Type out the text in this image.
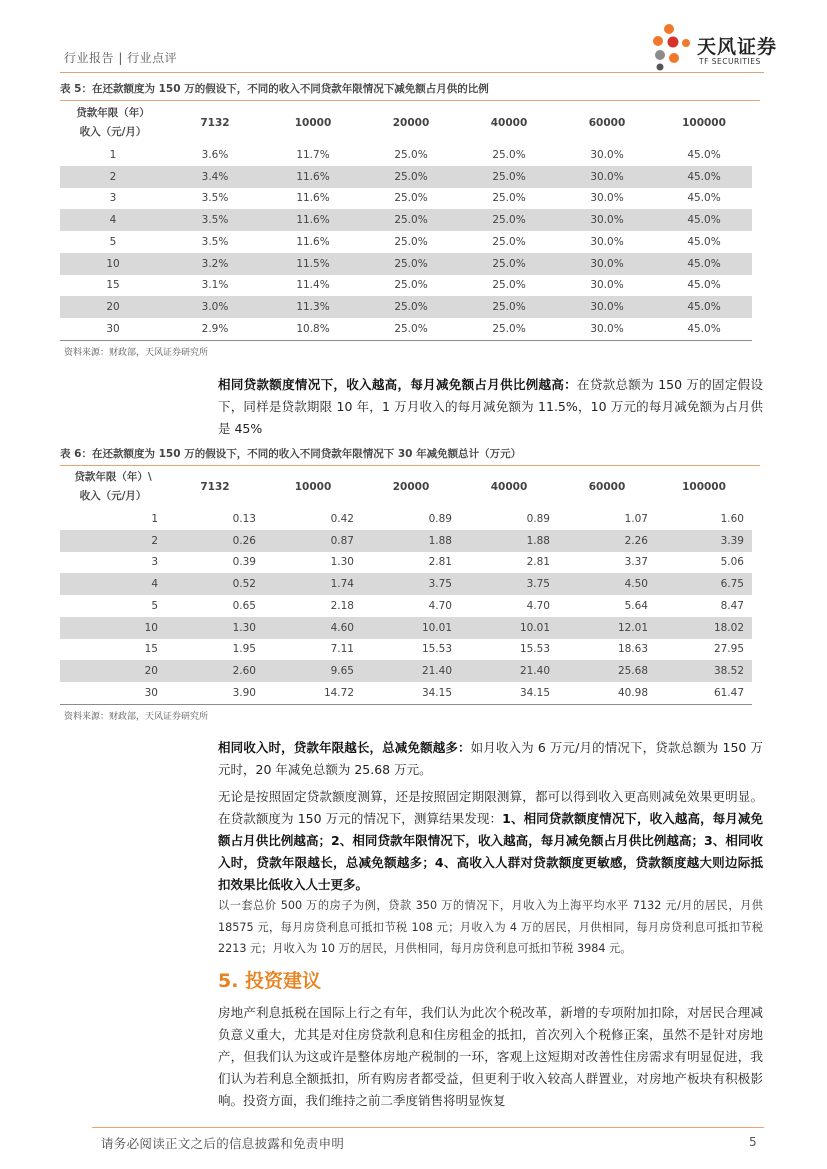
行业报告 | 行业点评	天风证券
TF SECURITIES
表 5：在还款额度为 150 万的假设下，不同的收入不同贷款年限情况下减免额占月供的比例
贷款年限（年）
收入（元/月）	7132	10000	20000	40000	60000	100000
1	3.6%	11.7%	25.0%	25.0%	30.0%	45.0%
2	3.4%	11.6%	25.0%	25.0%	30.0%	45.0%
3	3.5%	11.6%	25.0%	25.0%	30.0%	45.0%
4	3.5%	11.6%	25.0%	25.0%	30.0%	45.0%
5	3.5%	11.6%	25.0%	25.0%	30.0%	45.0%
10	3.2%	11.5%	25.0%	25.0%	30.0%	45.0%
15	3.1%	11.4%	25.0%	25.0%	30.0%	45.0%
20	3.0%	11.3%	25.0%	25.0%	30.0%	45.0%
30	2.9%	10.8%	25.0%	25.0%	30.0%	45.0%
资料来源：财政部，天风证券研究所
相同贷款额度情况下，收入越高，每月减免额占月供比例越高：在贷款总额为 150 万的固定假设下，同样是贷款期限 10 年，1 万月收入的每月减免额为 11.5%，10 万元的每月减免额为占月供是 45%
表 6：在还款额度为 150 万的假设下，不同的收入不同贷款年限情况下 30 年减免额总计（万元）
贷款年限（年）\
收入（元/月）	7132	10000	20000	40000	60000	100000
1	0.13	0.42	0.89	0.89	1.07	1.60
2	0.26	0.87	1.88	1.88	2.26	3.39
3	0.39	1.30	2.81	2.81	3.37	5.06
4	0.52	1.74	3.75	3.75	4.50	6.75
5	0.65	2.18	4.70	4.70	5.64	8.47
10	1.30	4.60	10.01	10.01	12.01	18.02
15	1.95	7.11	15.53	15.53	18.63	27.95
20	2.60	9.65	21.40	21.40	25.68	38.52
30	3.90	14.72	34.15	34.15	40.98	61.47
资料来源：财政部，天风证券研究所
相同收入时，贷款年限越长，总减免额越多：如月收入为 6 万元/月的情况下，贷款总额为 150 万元时，20 年减免总额为 25.68 万元。
无论是按照固定贷款额度测算，还是按照固定期限测算，都可以得到收入更高则减免效果更明显。在贷款额度为 150 万元的情况下，测算结果发现：1、相同贷款额度情况下，收入越高，每月减免额占月供比例越高；2、相同贷款年限情况下，收入越高，每月减免额占月供比例越高；3、相同收入时，贷款年限越长，总减免额越多；4、高收入人群对贷款额度更敏感，贷款额度越大则边际抵扣效果比低收入人士更多。
以一套总价 500 万的房子为例，贷款 350 万的情况下，月收入为上海平均水平 7132 元/月的居民，月供 18575 元，每月房贷利息可抵扣节税 108 元；月收入为 4 万的居民，月供相同，每月房贷利息可抵扣节税 2213 元；月收入为 10 万的居民，月供相同，每月房贷利息可抵扣节税 3984 元。
5. 投资建议
房地产利息抵税在国际上行之有年，我们认为此次个税改革，新增的专项附加扣除，对居民合理减负意义重大，尤其是对住房贷款利息和住房租金的抵扣，首次列入个税修正案，虽然不是针对房地产，但我们认为这或许是整体房地产税制的一环，客观上这短期对改善性住房需求有明显促进，我们认为若利息全额抵扣，所有购房者都受益，但更利于收入较高人群置业，对房地产板块有积极影响。投资方面，我们维持之前二季度销售将明显恢复
请务必阅读正文之后的信息披露和免责申明	5
